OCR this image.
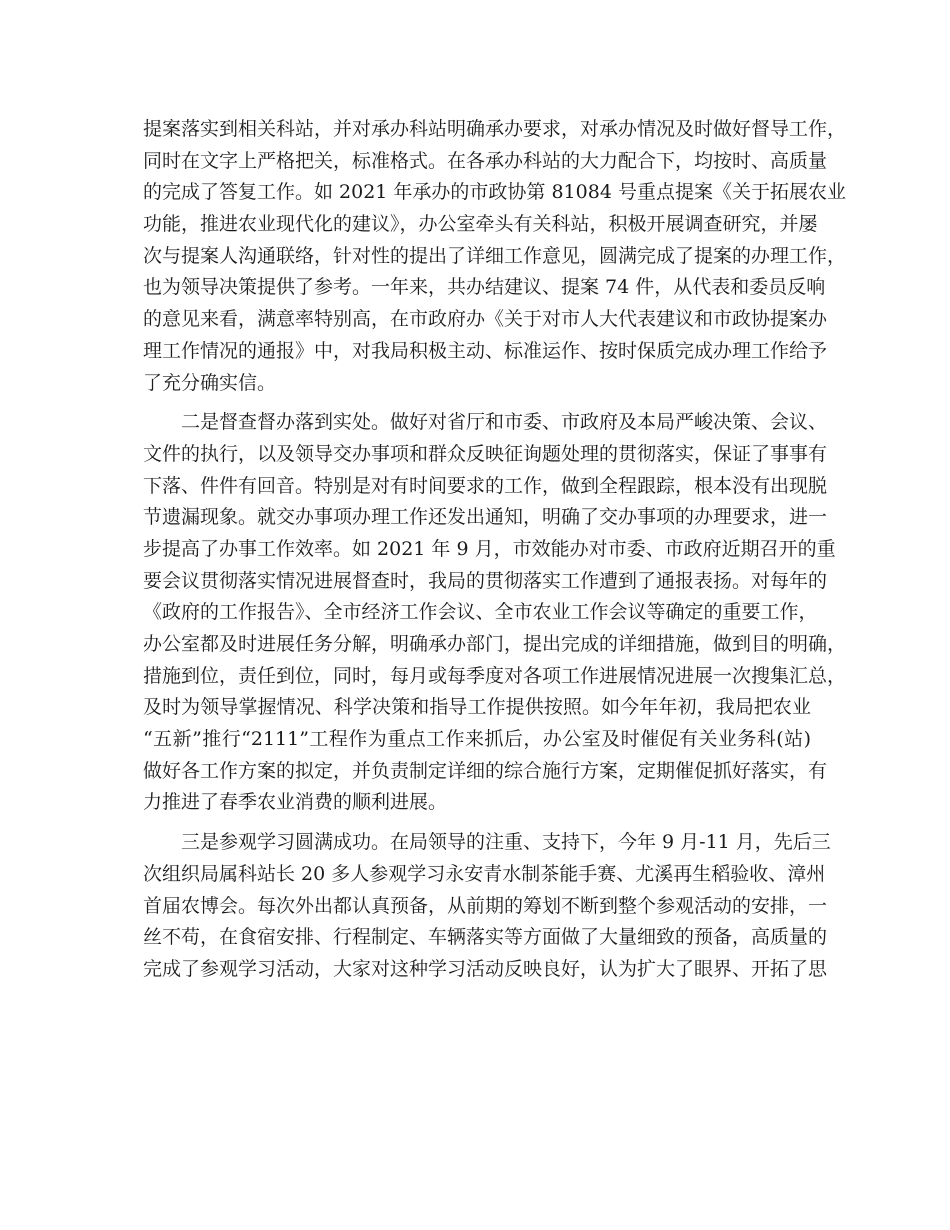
提案落实到相关科站，并对承办科站明确承办要求，对承办情况及时做好督导工作，
同时在文字上严格把关，标准格式。在各承办科站的大力配合下，均按时、高质量
的完成了答复工作。如 2021 年承办的市政协第 81084 号重点提案《关于拓展农业
功能，推进农业现代化的建议》，办公室牵头有关科站，积极开展调查研究，并屡
次与提案人沟通联络，针对性的提出了详细工作意见，圆满完成了提案的办理工作，
也为领导决策提供了参考。一年来，共办结建议、提案 74 件，从代表和委员反响
的意见来看，满意率特别高，在市政府办《关于对市人大代表建议和市政协提案办
理工作情况的通报》中，对我局积极主动、标准运作、按时保质完成办理工作给予
了充分确实信。
二是督查督办落到实处。做好对省厅和市委、市政府及本局严峻决策、会议、
文件的执行，以及领导交办事项和群众反映征询题处理的贯彻落实，保证了事事有
下落、件件有回音。特别是对有时间要求的工作，做到全程跟踪，根本没有出现脱
节遗漏现象。就交办事项办理工作还发出通知，明确了交办事项的办理要求，进一
步提高了办事工作效率。如 2021 年 9 月，市效能办对市委、市政府近期召开的重
要会议贯彻落实情况进展督查时，我局的贯彻落实工作遭到了通报表扬。对每年的
《政府的工作报告》、全市经济工作会议、全市农业工作会议等确定的重要工作，
办公室都及时进展任务分解，明确承办部门，提出完成的详细措施，做到目的明确，
措施到位，责任到位，同时，每月或每季度对各项工作进展情况进展一次搜集汇总，
及时为领导掌握情况、科学决策和指导工作提供按照。如今年年初，我局把农业
“五新”推行“2111”工程作为重点工作来抓后，办公室及时催促有关业务科(站)
做好各工作方案的拟定，并负责制定详细的综合施行方案，定期催促抓好落实，有
力推进了春季农业消费的顺利进展。
三是参观学习圆满成功。在局领导的注重、支持下，今年 9 月-11 月，先后三
次组织局属科站长 20 多人参观学习永安青水制茶能手赛、尤溪再生稻验收、漳州
首届农博会。每次外出都认真预备，从前期的筹划不断到整个参观活动的安排，一
丝不苟，在食宿安排、行程制定、车辆落实等方面做了大量细致的预备，高质量的
完成了参观学习活动，大家对这种学习活动反映良好，认为扩大了眼界、开拓了思
